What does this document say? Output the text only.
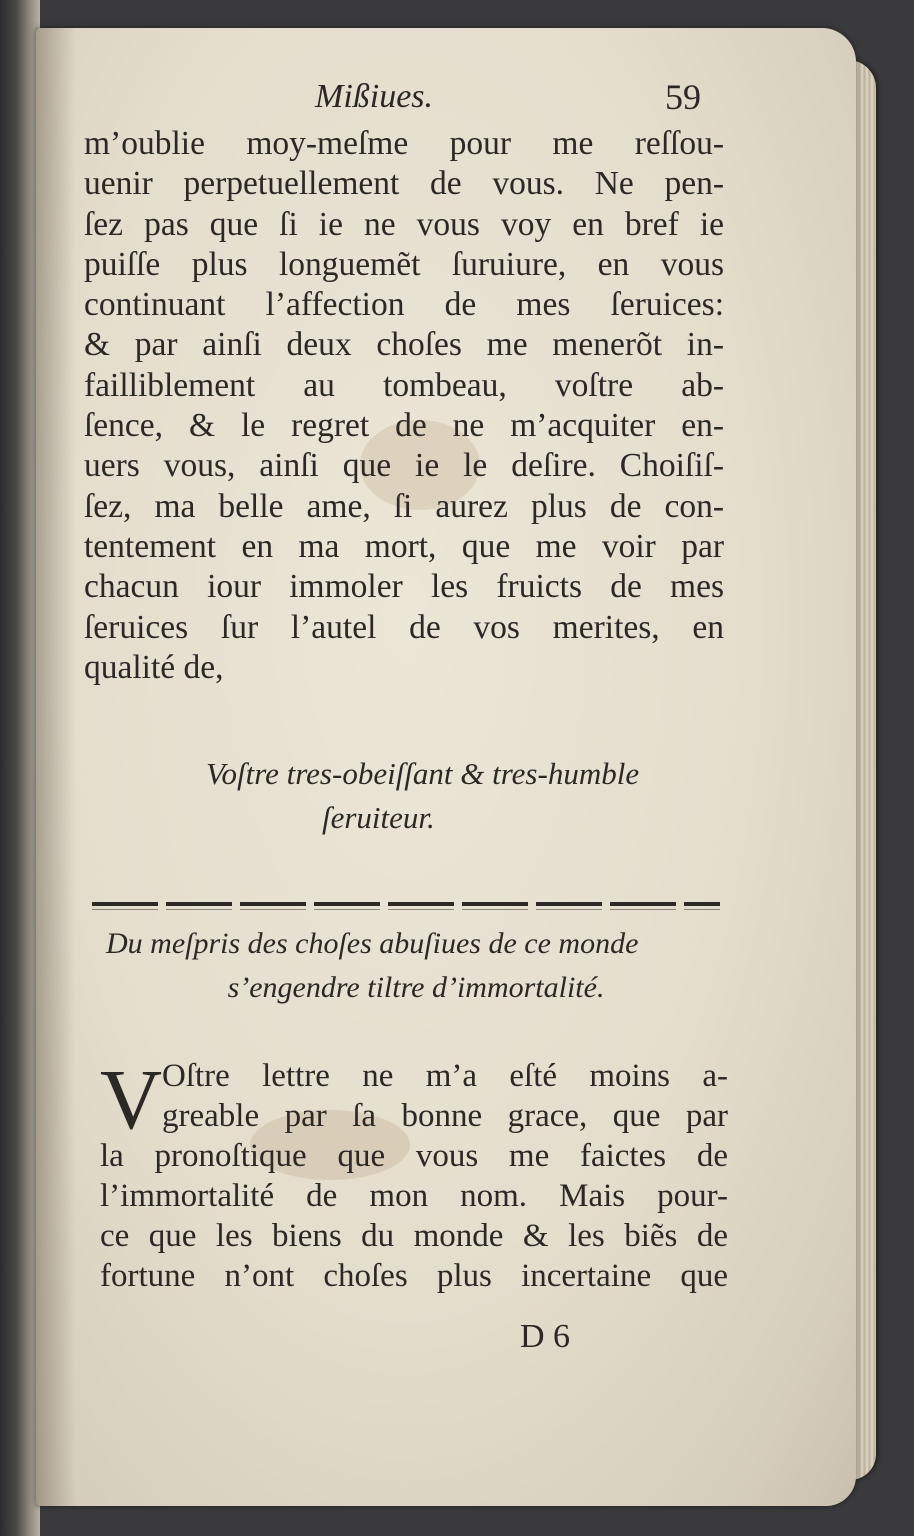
Mißiues.	59
m’oublie moy-meſme pour me reſſou-
uenir perpetuellement de vous. Ne pen-
ſez pas que ſi ie ne vous voy en bref ie
puiſſe plus longuemẽt ſuruiure, en vous
continuant l’affection de mes ſeruices:
& par ainſi deux choſes me menerõt in-
failliblement au tombeau, voſtre ab-
ſence, & le regret de ne m’acquiter en-
uers vous, ainſi que ie le deſire. Choiſiſ-
ſez, ma belle ame, ſi aurez plus de con-
tentement en ma mort, que me voir par
chacun iour immoler les fruicts de mes
ſeruices ſur l’autel de vos merites, en
qualité de,
Voſtre tres-obeiſſant & tres-humble
ſeruiteur.
Du meſpris des choſes abuſiues de ce monde
s’engendre tiltre d’immortalité.
V Oſtre lettre ne m’a eſté moins a-
greable par ſa bonne grace, que par
la pronoſtique que vous me faictes de
l’immortalité de mon nom. Mais pour-
ce que les biens du monde & les biẽs de
fortune n’ont choſes plus incertaine que
D 6
